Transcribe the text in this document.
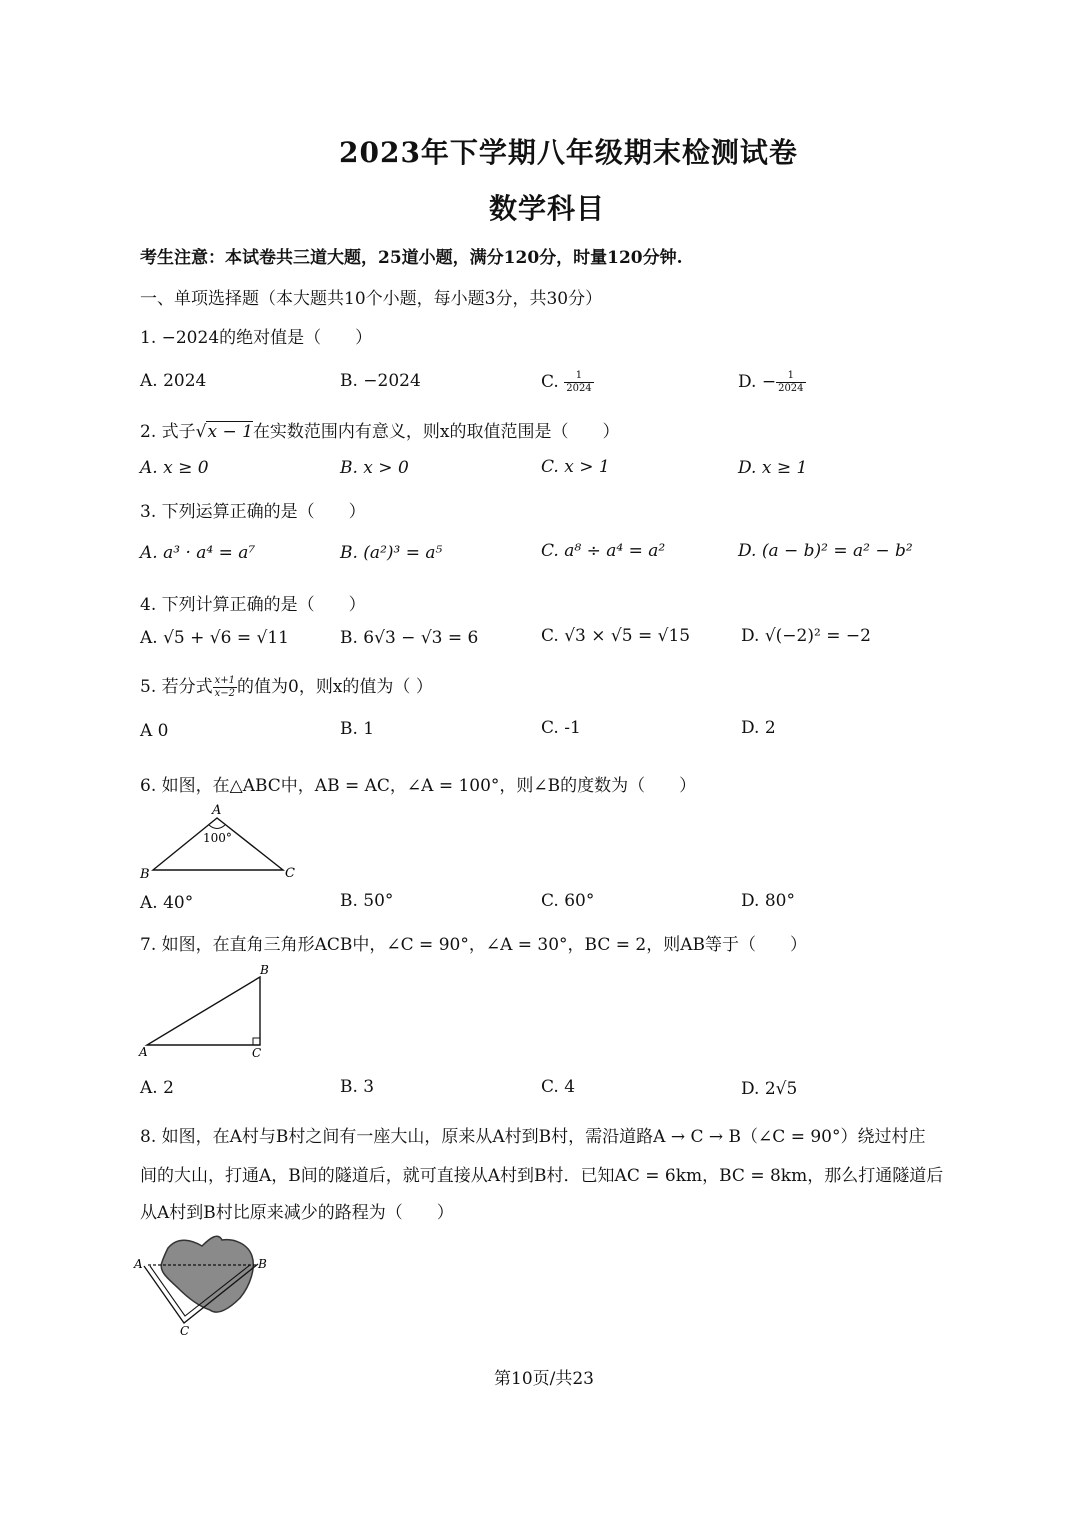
2023年下学期八年级期末检测试卷
数学科目
考生注意：本试卷共三道大题，25道小题，满分120分，时量120分钟.
一、单项选择题（本大题共10个小题，每小题3分，共30分）
1. −2024的绝对值是（　　）
A. 2024	B. −2024	C. $\frac{1}{2024}$	D. − $\frac{1}{2024}$
2. 式子√x − 1在实数范围内有意义，则x的取值范围是（　　）
A. x ≥ 0	B. x > 0	C. x > 1	D. x ≥ 1
3. 下列运算正确的是（　　）
A. a³ · a⁴ = a⁷	B. (a²)³ = a⁵	C. a⁸ ÷ a⁴ = a²	D. (a − b)² = a² − b²
4. 下列计算正确的是（　　）
A. √5 + √6 = √11	B. 6√3 − √3 = 6	C. √3 × √5 = √15	D. √(−2)² = −2
5. 若分式 $\frac{x+1}{x-2}$ 的值为0，则x的值为（ ）
A 0	B. 1	C. -1	D. 2
6. 如图，在△ABC中，AB = AC，∠A = 100°，则∠B的度数为（　　）
A
B	C
100°
A. 40°	B. 50°	C. 60°	D. 80°
7. 如图，在直角三角形ACB中，∠C = 90°，∠A = 30°，BC = 2，则AB等于（　　）
A
B
C
A. 2	B. 3	C. 4	D. 2√5
8. 如图，在A村与B村之间有一座大山，原来从A村到B村，需沿道路A → C → B（∠C = 90°）绕过村庄
间的大山，打通A，B间的隧道后，就可直接从A村到B村．已知AC = 6km，BC = 8km，那么打通隧道后
从A村到B村比原来减少的路程为（　　）
A	B
C
第10页/共23
